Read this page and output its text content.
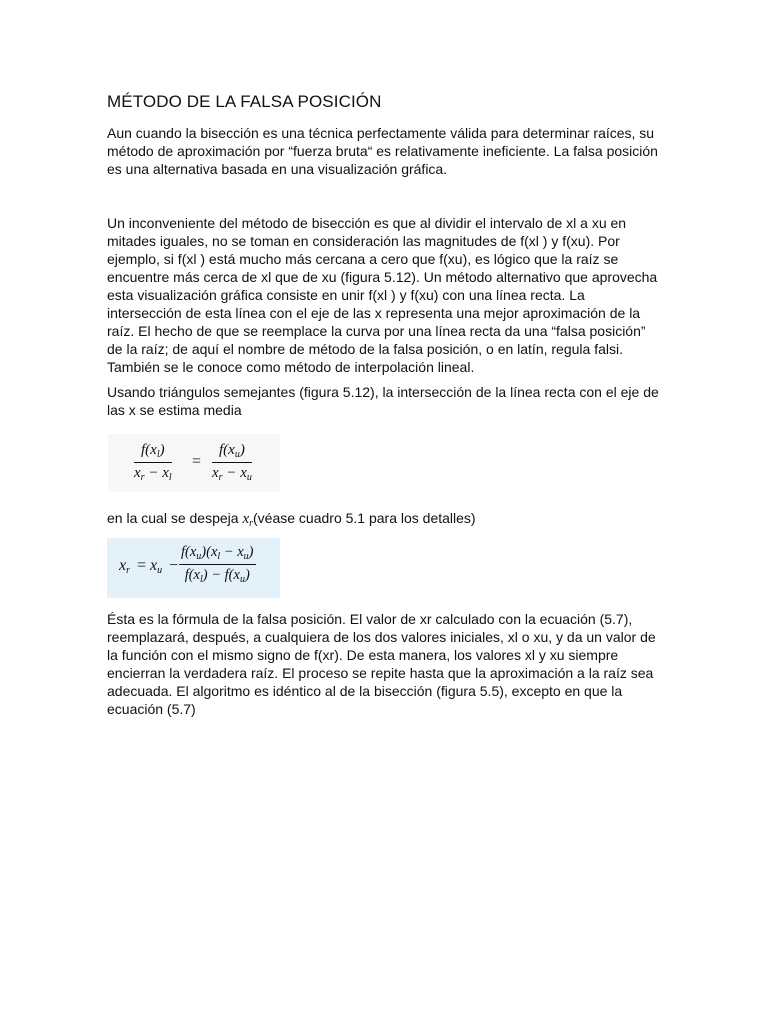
MÉTODO DE LA FALSA POSICIÓN

Aun cuando la bisección es una técnica perfectamente válida para determinar raíces, su método de aproximación por “fuerza bruta“ es relativamente ineficiente. La falsa posición es una alternativa basada en una visualización gráfica.

Un inconveniente del método de bisección es que al dividir el intervalo de xl a xu en mitades iguales, no se toman en consideración las magnitudes de f(xl ) y f(xu). Por ejemplo, si f(xl ) está mucho más cercana a cero que f(xu), es lógico que la raíz se encuentre más cerca de xl que de xu (figura 5.12). Un método alternativo que aprovecha esta visualización gráfica consiste en unir f(xl ) y f(xu) con una línea recta. La intersección de esta línea con el eje de las x representa una mejor aproximación de la raíz. El hecho de que se reemplace la curva por una línea recta da una “falsa posición” de la raíz; de aquí el nombre de método de la falsa posición, o en latín, regula falsi. También se le conoce como método de interpolación lineal.

Usando triángulos semejantes (figura 5.12), la intersección de la línea recta con el eje de las x se estima media

$\frac{f(x_l)}{x_r - x_l} = \frac{f(x_u)}{x_r - x_u}$
en la cual se despeja $x_r(véase$ cuadro 5.1 para los detalles)
$x_r = x_u - \frac{f(x_u)(x_l - x_u)}{f(x_l) - f(x_u)}$

Ésta es la fórmula de la falsa posición. El valor de xr calculado con la ecuación (5.7), reemplazará, después, a cualquiera de los dos valores iniciales, xl o xu, y da un valor de la función con el mismo signo de f(xr). De esta manera, los valores xl y xu siempre encierran la verdadera raíz. El proceso se repite hasta que la aproximación a la raíz sea adecuada. El algoritmo es idéntico al de la bisección (figura 5.5), excepto en que la ecuación (5.7)
